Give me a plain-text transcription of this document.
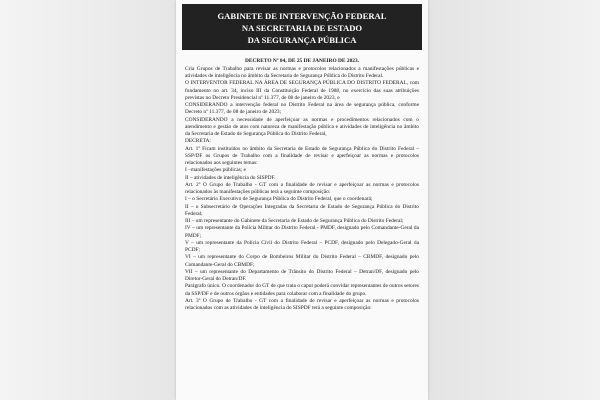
GABINETE DE INTERVENÇÃO FEDERAL
NA SECRETARIA DE ESTADO
DA SEGURANÇA PÚBLICA
DECRETO Nº 04, DE 25 DE JANEIRO DE 2023.

Cria Grupos de Trabalho para revisar as normas e protocolos relacionados a manifestações públicas e atividades de inteligência no âmbito da Secretaria de Segurança Pública do Distrito Federal.

O INTERVENTOR FEDERAL NA ÁREA DE SEGURANÇA PÚBLICA DO DISTRITO FEDERAL, com fundamento no art. 34, inciso III da Constituição Federal de 1988, no exercício das suas atribuições previstas no Decreto Presidencial nº 11.377, de 08 de janeiro de 2023, e

CONSIDERANDO a intervenção federal no Distrito Federal na área de segurança pública, conforme Decreto nº 11.377, de 08 de janeiro de 2023;

CONSIDERANDO a necessidade de aperfeiçoar as normas e procedimentos relacionados com o atendimento e gestão de atos com natureza de manifestação pública e atividades de inteligência no âmbito da Secretaria de Estado de Segurança Pública do Distrito Federal,

DECRETA:

Art. 1º Ficam instituídos no âmbito da Secretaria de Estado de Segurança Pública do Distrito Federal – SSP/DF os Grupos de Trabalho com a finalidade de revisar e aperfeiçoar as normas e protocolos relacionados aos seguintes temas:

I –manifestações públicas; e

II – atividades de inteligência do SISPDF.

Art. 2º O Grupo de Trabalho - GT com a finalidade de revisar e aperfeiçoar as normas e protocolos relacionados às manifestações públicas terá a seguinte composição:

I – o Secretário Executivo de Segurança Pública do Distrito Federal, que o coordenará;

II – o Subsecretário de Operações Integradas da Secretaria de Estado de Segurança Pública do Distrito Federal;

III – um representante do Gabinete da Secretaria de Estado de Segurança Pública do Distrito Federal;

IV – um representante da Polícia Militar do Distrito Federal - PMDF, designado pelo Comandante-Geral da PMDF;

V – um representante da Polícia Civil do Distrito Federal – PCDF, designado pelo Delegado-Geral da PCDF;

VI – um representante do Corpo de Bombeiros Militar do Distrito Federal – CBMDF, designado pelo Comandante-Geral do CBMDF;

VII – um representante do Departamento de Trânsito do Distrito Federal – Detran/DF, designado pelo Diretor-Geral do Detran/DF.

Parágrafo único. O coordenador do GT de que trata o caput poderá convidar representantes de outros setores da SSP/DF e de outros órgãos e entidades para colaborar com a finalidade do grupo.

Art. 3º O Grupo de Trabalho - GT com a finalidade de revisar e aperfeiçoar as normas e protocolos relacionados com as atividades de inteligência do SISPDF terá a seguinte composição:
